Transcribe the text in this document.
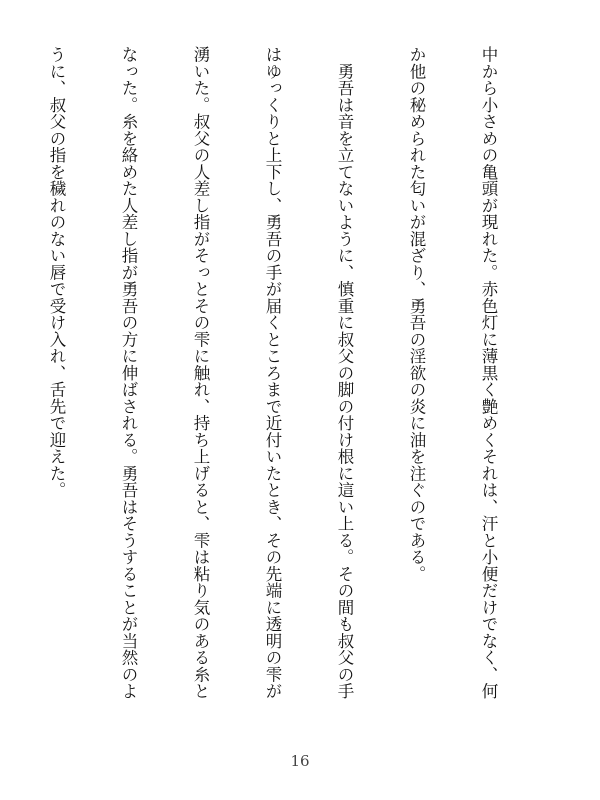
中から小さめの亀頭が現れた。赤色灯に薄黒く艶めくそれは、汗と小便だけでなく、何

か他の秘められた匂いが混ざり、勇吾の淫欲の炎に油を注ぐのである。

　勇吾は音を立てないように、慎重に叔父の脚の付け根に這い上る。その間も叔父の手

はゆっくりと上下し、勇吾の手が届くところまで近付いたとき、その先端に透明の雫が

湧いた。叔父の人差し指がそっとその雫に触れ、持ち上げると、雫は粘り気のある糸と

なった。糸を絡めた人差し指が勇吾の方に伸ばされる。勇吾はそうすることが当然のよ

うに、叔父の指を穢れのない唇で受け入れ、舌先で迎えた。

16
